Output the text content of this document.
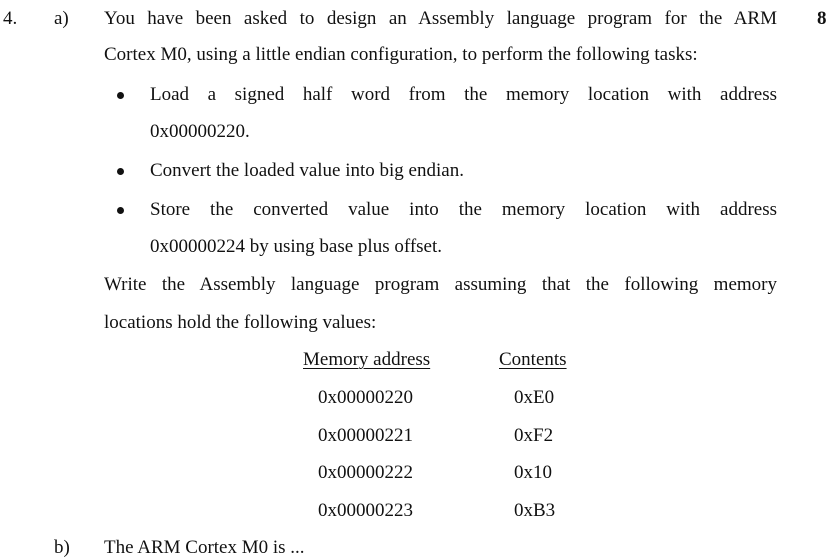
4. a)	8
You have been asked to design an Assembly language program for the ARM
Cortex M0, using a little endian configuration, to perform the following tasks:
Load a signed half word from the memory location with address
0x00000220.
Convert the loaded value into big endian.
Store the converted value into the memory location with address
0x00000224 by using base plus offset.
Write the Assembly language program assuming that the following memory
locations hold the following values:
Memory address	Contents
0x00000220	0xE0
0x00000221	0xF2
0x00000222	0x10
0x00000223	0xB3
b) The ARM Cortex M0 is ...
